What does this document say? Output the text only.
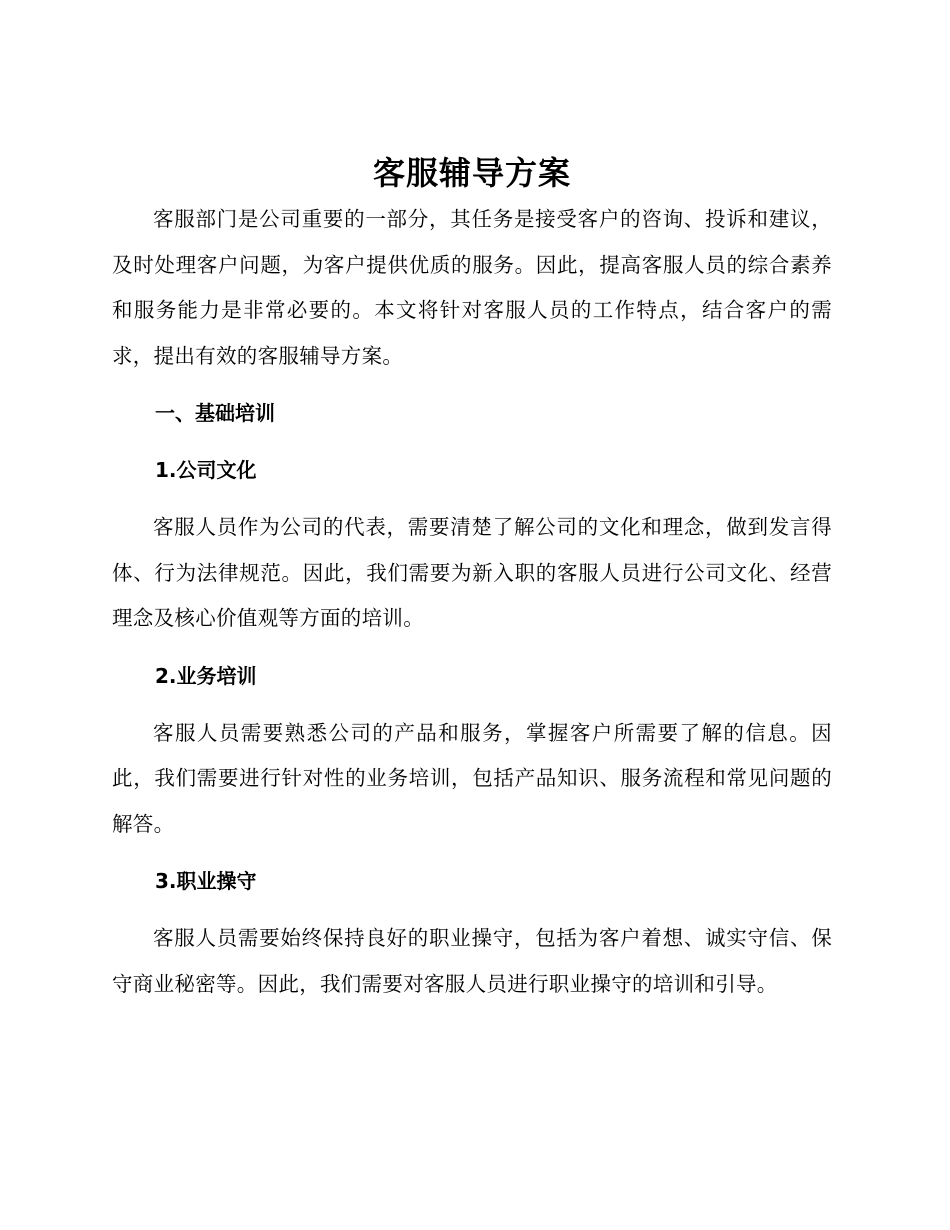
客服辅导方案

客服部门是公司重要的一部分，其任务是接受客户的咨询、投诉和建议，及时处理客户问题，为客户提供优质的服务。因此，提高客服人员的综合素养和服务能力是非常必要的。本文将针对客服人员的工作特点，结合客户的需求，提出有效的客服辅导方案。

一、基础培训
1.公司文化

客服人员作为公司的代表，需要清楚了解公司的文化和理念，做到发言得体、行为法律规范。因此，我们需要为新入职的客服人员进行公司文化、经营理念及核心价值观等方面的培训。

2.业务培训

客服人员需要熟悉公司的产品和服务，掌握客户所需要了解的信息。因此，我们需要进行针对性的业务培训，包括产品知识、服务流程和常见问题的解答。

3.职业操守

客服人员需要始终保持良好的职业操守，包括为客户着想、诚实守信、保守商业秘密等。因此，我们需要对客服人员进行职业操守的培训和引导。
